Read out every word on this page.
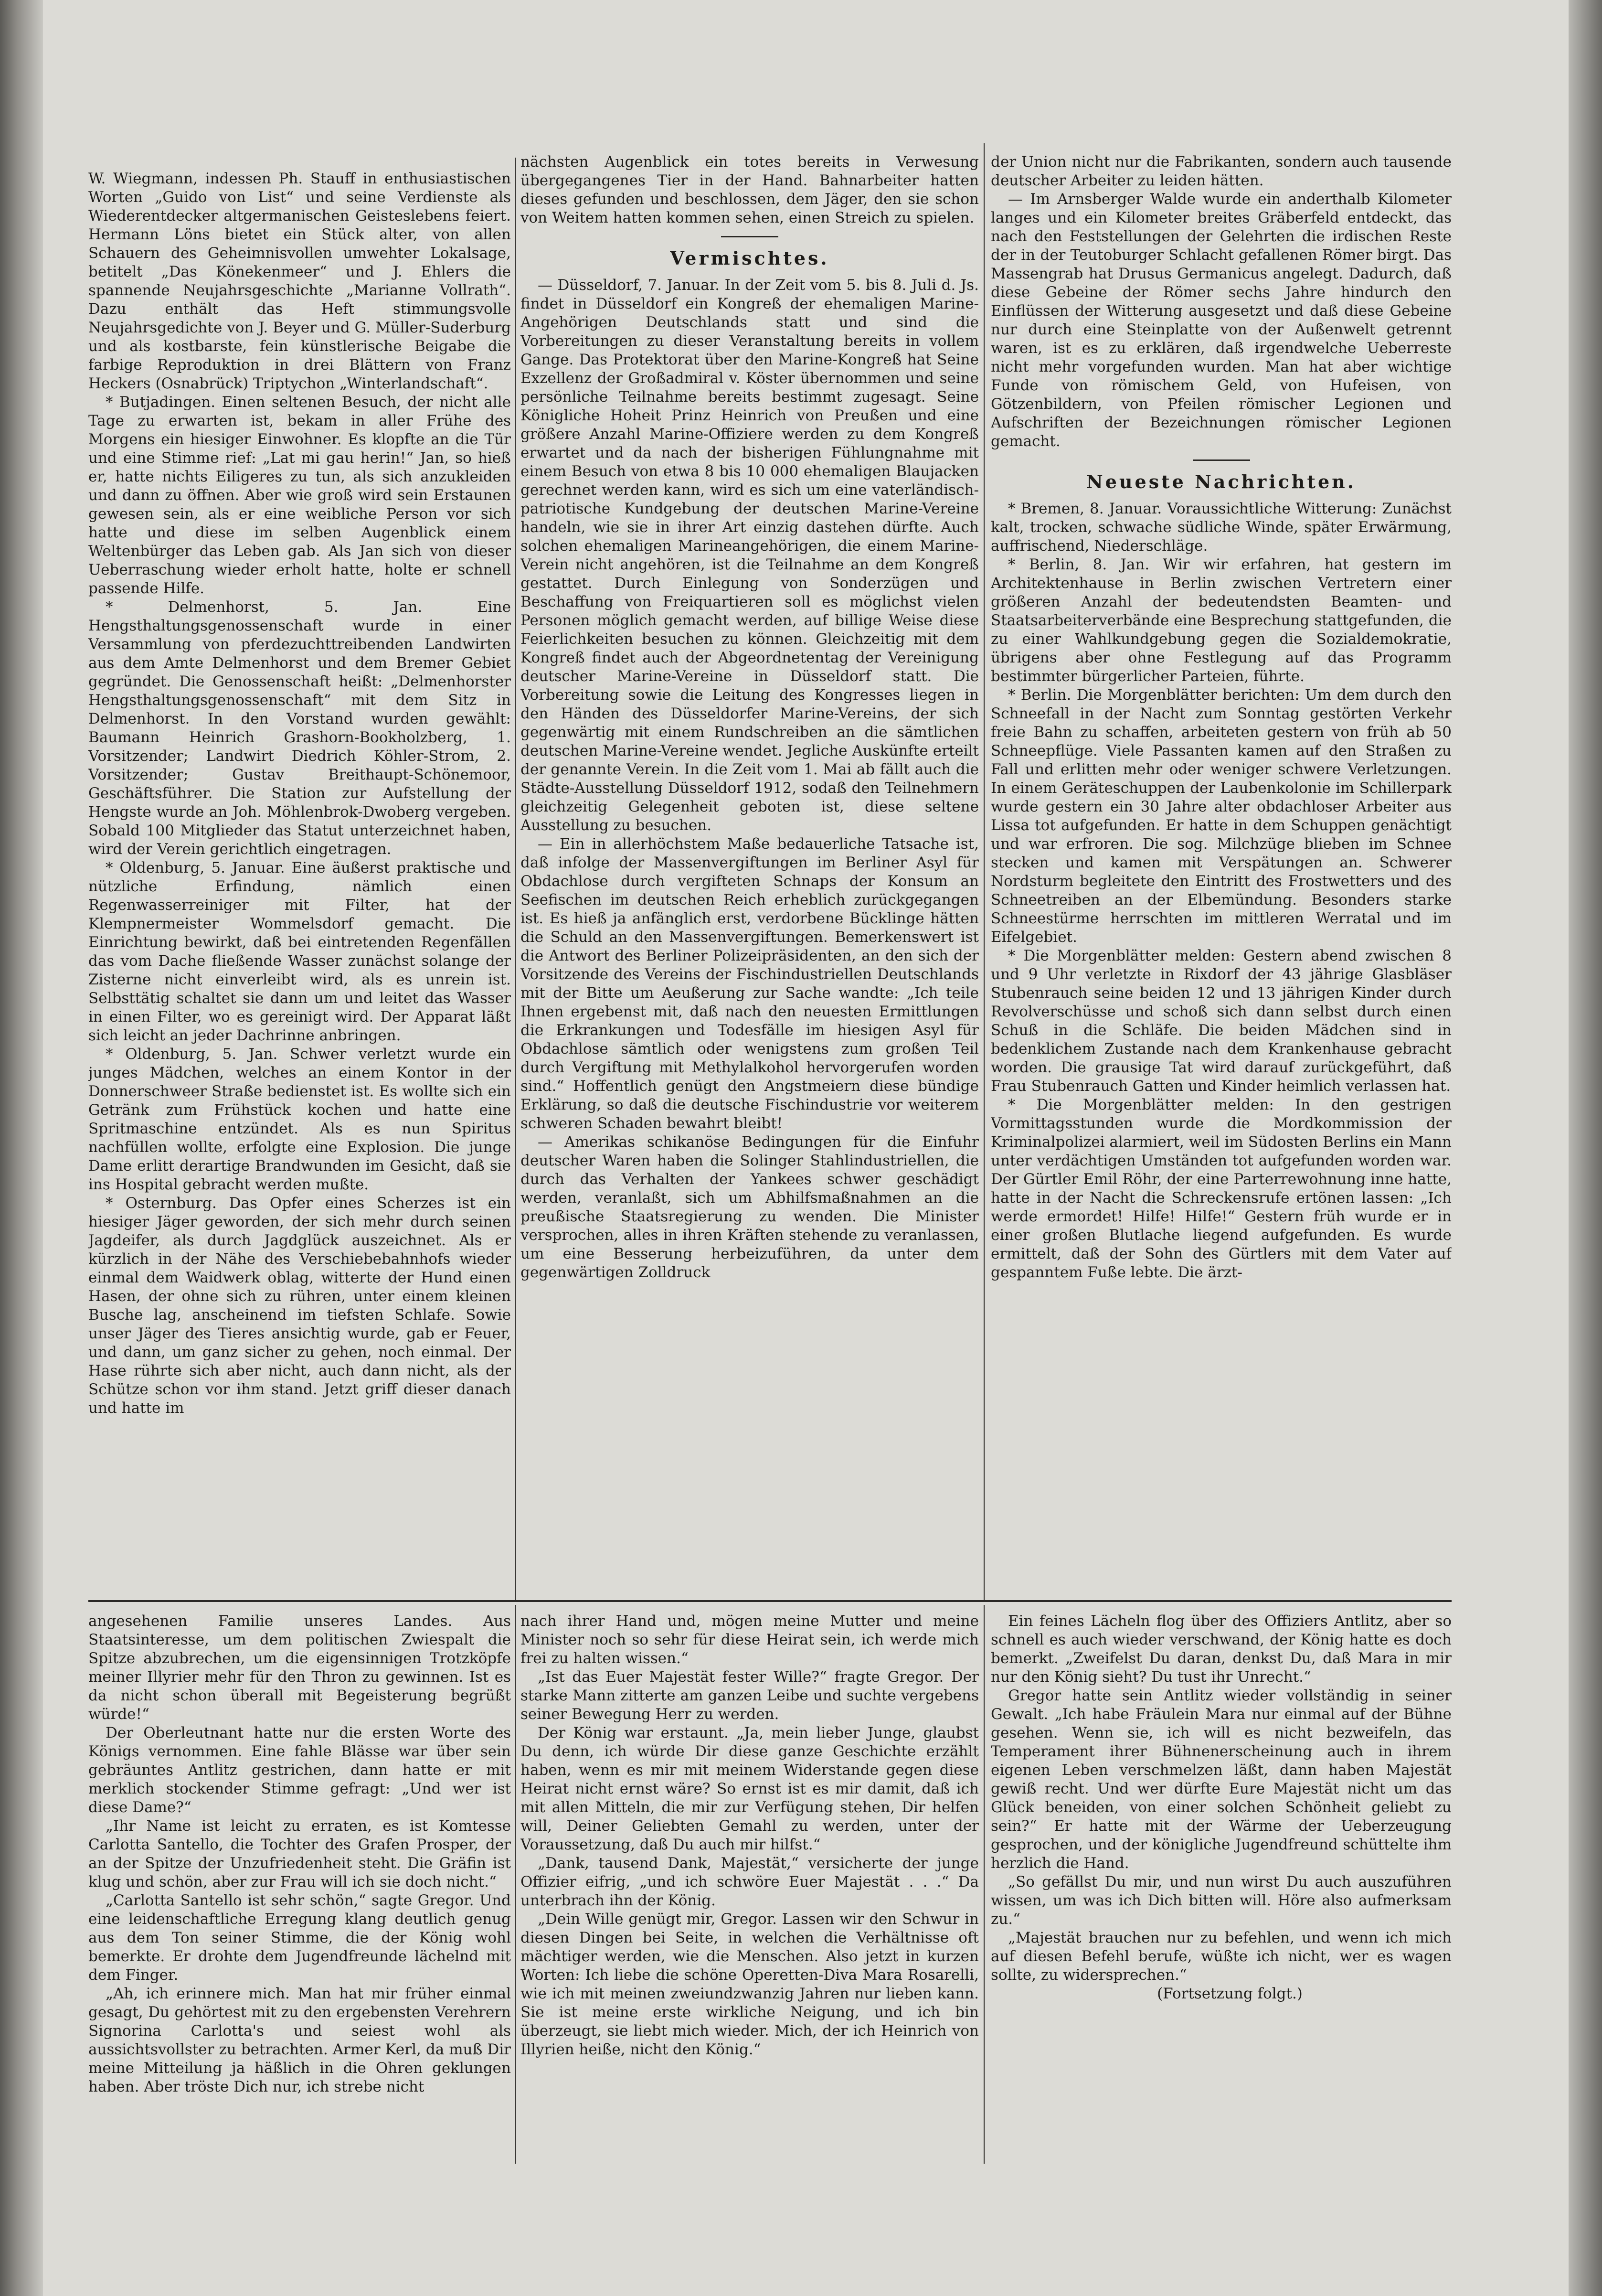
W. Wiegmann, indessen Ph. Stauff in enthusiastischen Worten „Guido von List“ und seine Verdienste als Wiederentdecker altgermanischen Geisteslebens feiert. Hermann Löns bietet ein Stück alter, von allen Schauern des Geheimnisvollen umwehter Lokalsage, betitelt „Das Könekenmeer“ und J. Ehlers die spannende Neujahrsgeschichte „Marianne Vollrath“. Dazu enthält das Heft stimmungsvolle Neujahrsgedichte von J. Beyer und G. Müller-Suderburg und als kostbarste, fein künstlerische Beigabe die farbige Reproduktion in drei Blättern von Franz Heckers (Osnabrück) Triptychon „Winterlandschaft“.

* Butjadingen. Einen seltenen Besuch, der nicht alle Tage zu erwarten ist, bekam in aller Frühe des Morgens ein hiesiger Einwohner. Es klopfte an die Tür und eine Stimme rief: „Lat mi gau herin!“ Jan, so hieß er, hatte nichts Eiligeres zu tun, als sich anzukleiden und dann zu öffnen. Aber wie groß wird sein Erstaunen gewesen sein, als er eine weibliche Person vor sich hatte und diese im selben Augenblick einem Weltenbürger das Leben gab. Als Jan sich von dieser Ueberraschung wieder erholt hatte, holte er schnell passende Hilfe.

* Delmenhorst, 5. Jan. Eine Hengsthaltungsgenossenschaft wurde in einer Versammlung von pferdezuchttreibenden Landwirten aus dem Amte Delmenhorst und dem Bremer Gebiet gegründet. Die Genossenschaft heißt: „Delmenhorster Hengsthaltungsgenossenschaft“ mit dem Sitz in Delmenhorst. In den Vorstand wurden gewählt: Baumann Heinrich Grashorn-Bookholzberg, 1. Vorsitzender; Landwirt Diedrich Köhler-Strom, 2. Vorsitzender; Gustav Breithaupt-Schönemoor, Geschäftsführer. Die Station zur Aufstellung der Hengste wurde an Joh. Möhlenbrok-Dwoberg vergeben. Sobald 100 Mitglieder das Statut unterzeichnet haben, wird der Verein gerichtlich eingetragen.

* Oldenburg, 5. Januar. Eine äußerst praktische und nützliche Erfindung, nämlich einen Regenwasserreiniger mit Filter, hat der Klempnermeister Wommelsdorf gemacht. Die Einrichtung bewirkt, daß bei eintretenden Regenfällen das vom Dache fließende Wasser zunächst solange der Zisterne nicht einverleibt wird, als es unrein ist. Selbsttätig schaltet sie dann um und leitet das Wasser in einen Filter, wo es gereinigt wird. Der Apparat läßt sich leicht an jeder Dachrinne anbringen.

* Oldenburg, 5. Jan. Schwer verletzt wurde ein junges Mädchen, welches an einem Kontor in der Donnerschweer Straße bedienstet ist. Es wollte sich ein Getränk zum Frühstück kochen und hatte eine Spritmaschine entzündet. Als es nun Spiritus nachfüllen wollte, erfolgte eine Explosion. Die junge Dame erlitt derartige Brandwunden im Gesicht, daß sie ins Hospital gebracht werden mußte.

* Osternburg. Das Opfer eines Scherzes ist ein hiesiger Jäger geworden, der sich mehr durch seinen Jagdeifer, als durch Jagdglück auszeichnet. Als er kürzlich in der Nähe des Verschiebebahnhofs wieder einmal dem Waidwerk oblag, witterte der Hund einen Hasen, der ohne sich zu rühren, unter einem kleinen Busche lag, anscheinend im tiefsten Schlafe. Sowie unser Jäger des Tieres ansichtig wurde, gab er Feuer, und dann, um ganz sicher zu gehen, noch einmal. Der Hase rührte sich aber nicht, auch dann nicht, als der Schütze schon vor ihm stand. Jetzt griff dieser danach und hatte im

nächsten Augenblick ein totes bereits in Verwesung übergegangenes Tier in der Hand. Bahnarbeiter hatten dieses gefunden und beschlossen, dem Jäger, den sie schon von Weitem hatten kommen sehen, einen Streich zu spielen.

Vermischtes.

— Düsseldorf, 7. Januar. In der Zeit vom 5. bis 8. Juli d. Js. findet in Düsseldorf ein Kongreß der ehemaligen Marine-Angehörigen Deutschlands statt und sind die Vorbereitungen zu dieser Veranstaltung bereits in vollem Gange. Das Protektorat über den Marine-Kongreß hat Seine Exzellenz der Großadmiral v. Köster übernommen und seine persönliche Teilnahme bereits bestimmt zugesagt. Seine Königliche Hoheit Prinz Heinrich von Preußen und eine größere Anzahl Marine-Offiziere werden zu dem Kongreß erwartet und da nach der bisherigen Fühlungnahme mit einem Besuch von etwa 8 bis 10 000 ehemaligen Blaujacken gerechnet werden kann, wird es sich um eine vaterländisch-patriotische Kundgebung der deutschen Marine-Vereine handeln, wie sie in ihrer Art einzig dastehen dürfte. Auch solchen ehemaligen Marineangehörigen, die einem Marine-Verein nicht angehören, ist die Teilnahme an dem Kongreß gestattet. Durch Einlegung von Sonderzügen und Beschaffung von Freiquartieren soll es möglichst vielen Personen möglich gemacht werden, auf billige Weise diese Feierlichkeiten besuchen zu können. Gleichzeitig mit dem Kongreß findet auch der Abgeordnetentag der Vereinigung deutscher Marine-Vereine in Düsseldorf statt. Die Vorbereitung sowie die Leitung des Kongresses liegen in den Händen des Düsseldorfer Marine-Vereins, der sich gegenwärtig mit einem Rundschreiben an die sämtlichen deutschen Marine-Vereine wendet. Jegliche Auskünfte erteilt der genannte Verein. In die Zeit vom 1. Mai ab fällt auch die Städte-Ausstellung Düsseldorf 1912, sodaß den Teilnehmern gleichzeitig Gelegenheit geboten ist, diese seltene Ausstellung zu besuchen.

— Ein in allerhöchstem Maße bedauerliche Tatsache ist, daß infolge der Massenvergiftungen im Berliner Asyl für Obdachlose durch vergifteten Schnaps der Konsum an Seefischen im deutschen Reich erheblich zurückgegangen ist. Es hieß ja anfänglich erst, verdorbene Bücklinge hätten die Schuld an den Massenvergiftungen. Bemerkenswert ist die Antwort des Berliner Polizeipräsidenten, an den sich der Vorsitzende des Vereins der Fischindustriellen Deutschlands mit der Bitte um Aeußerung zur Sache wandte: „Ich teile Ihnen ergebenst mit, daß nach den neuesten Ermittlungen die Erkrankungen und Todesfälle im hiesigen Asyl für Obdachlose sämtlich oder wenigstens zum großen Teil durch Vergiftung mit Methylalkohol hervorgerufen worden sind.“ Hoffentlich genügt den Angstmeiern diese bündige Erklärung, so daß die deutsche Fischindustrie vor weiterem schweren Schaden bewahrt bleibt!

— Amerikas schikanöse Bedingungen für die Einfuhr deutscher Waren haben die Solinger Stahlindustriellen, die durch das Verhalten der Yankees schwer geschädigt werden, veranlaßt, sich um Abhilfsmaßnahmen an die preußische Staatsregierung zu wenden. Die Minister versprochen, alles in ihren Kräften stehende zu veranlassen, um eine Besserung herbeizuführen, da unter dem gegenwärtigen Zolldruck

der Union nicht nur die Fabrikanten, sondern auch tausende deutscher Arbeiter zu leiden hätten.

— Im Arnsberger Walde wurde ein anderthalb Kilometer langes und ein Kilometer breites Gräberfeld entdeckt, das nach den Feststellungen der Gelehrten die irdischen Reste der in der Teutoburger Schlacht gefallenen Römer birgt. Das Massengrab hat Drusus Germanicus angelegt. Dadurch, daß diese Gebeine der Römer sechs Jahre hindurch den Einflüssen der Witterung ausgesetzt und daß diese Gebeine nur durch eine Steinplatte von der Außenwelt getrennt waren, ist es zu erklären, daß irgendwelche Ueberreste nicht mehr vorgefunden wurden. Man hat aber wichtige Funde von römischem Geld, von Hufeisen, von Götzenbildern, von Pfeilen römischer Legionen und Aufschriften der Bezeichnungen römischer Legionen gemacht.

Neueste Nachrichten.

* Bremen, 8. Januar. Voraussichtliche Witterung: Zunächst kalt, trocken, schwache südliche Winde, später Erwärmung, auffrischend, Niederschläge.

* Berlin, 8. Jan. Wir wir erfahren, hat gestern im Architektenhause in Berlin zwischen Vertretern einer größeren Anzahl der bedeutendsten Beamten- und Staatsarbeiterverbände eine Besprechung stattgefunden, die zu einer Wahlkundgebung gegen die Sozialdemokratie, übrigens aber ohne Festlegung auf das Programm bestimmter bürgerlicher Parteien, führte.

* Berlin. Die Morgenblätter berichten: Um dem durch den Schneefall in der Nacht zum Sonntag gestörten Verkehr freie Bahn zu schaffen, arbeiteten gestern von früh ab 50 Schneepflüge. Viele Passanten kamen auf den Straßen zu Fall und erlitten mehr oder weniger schwere Verletzungen. In einem Geräteschuppen der Laubenkolonie im Schillerpark wurde gestern ein 30 Jahre alter obdachloser Arbeiter aus Lissa tot aufgefunden. Er hatte in dem Schuppen genächtigt und war erfroren. Die sog. Milchzüge blieben im Schnee stecken und kamen mit Verspätungen an. Schwerer Nordsturm begleitete den Eintritt des Frostwetters und des Schneetreiben an der Elbemündung. Besonders starke Schneestürme herrschten im mittleren Werratal und im Eifelgebiet.

* Die Morgenblätter melden: Gestern abend zwischen 8 und 9 Uhr verletzte in Rixdorf der 43 jährige Glasbläser Stubenrauch seine beiden 12 und 13 jährigen Kinder durch Revolverschüsse und schoß sich dann selbst durch einen Schuß in die Schläfe. Die beiden Mädchen sind in bedenklichem Zustande nach dem Krankenhause gebracht worden. Die grausige Tat wird darauf zurückgeführt, daß Frau Stubenrauch Gatten und Kinder heimlich verlassen hat.

* Die Morgenblätter melden: In den gestrigen Vormittagsstunden wurde die Mordkommission der Kriminalpolizei alarmiert, weil im Südosten Berlins ein Mann unter verdächtigen Umständen tot aufgefunden worden war. Der Gürtler Emil Röhr, der eine Parterrewohnung inne hatte, hatte in der Nacht die Schreckensrufe ertönen lassen: „Ich werde ermordet! Hilfe! Hilfe!“ Gestern früh wurde er in einer großen Blutlache liegend aufgefunden. Es wurde ermittelt, daß der Sohn des Gürtlers mit dem Vater auf gespanntem Fuße lebte. Die ärzt-

angesehenen Familie unseres Landes. Aus Staatsinteresse, um dem politischen Zwiespalt die Spitze abzubrechen, um die eigensinnigen Trotzköpfe meiner Illyrier mehr für den Thron zu gewinnen. Ist es da nicht schon überall mit Begeisterung begrüßt würde!“

Der Oberleutnant hatte nur die ersten Worte des Königs vernommen. Eine fahle Blässe war über sein gebräuntes Antlitz gestrichen, dann hatte er mit merklich stockender Stimme gefragt: „Und wer ist diese Dame?“

„Ihr Name ist leicht zu erraten, es ist Komtesse Carlotta Santello, die Tochter des Grafen Prosper, der an der Spitze der Unzufriedenheit steht. Die Gräfin ist klug und schön, aber zur Frau will ich sie doch nicht.“

„Carlotta Santello ist sehr schön,“ sagte Gregor. Und eine leidenschaftliche Erregung klang deutlich genug aus dem Ton seiner Stimme, die der König wohl bemerkte. Er drohte dem Jugendfreunde lächelnd mit dem Finger.

„Ah, ich erinnere mich. Man hat mir früher einmal gesagt, Du gehörtest mit zu den ergebensten Verehrern Signorina Carlotta's und seiest wohl als aussichtsvollster zu betrachten. Armer Kerl, da muß Dir meine Mitteilung ja häßlich in die Ohren geklungen haben. Aber tröste Dich nur, ich strebe nicht

nach ihrer Hand und, mögen meine Mutter und meine Minister noch so sehr für diese Heirat sein, ich werde mich frei zu halten wissen.“

„Ist das Euer Majestät fester Wille?“ fragte Gregor. Der starke Mann zitterte am ganzen Leibe und suchte vergebens seiner Bewegung Herr zu werden.

Der König war erstaunt. „Ja, mein lieber Junge, glaubst Du denn, ich würde Dir diese ganze Geschichte erzählt haben, wenn es mir mit meinem Widerstande gegen diese Heirat nicht ernst wäre? So ernst ist es mir damit, daß ich mit allen Mitteln, die mir zur Verfügung stehen, Dir helfen will, Deiner Geliebten Gemahl zu werden, unter der Voraussetzung, daß Du auch mir hilfst.“

„Dank, tausend Dank, Majestät,“ versicherte der junge Offizier eifrig, „und ich schwöre Euer Majestät . . .“ Da unterbrach ihn der König.

„Dein Wille genügt mir, Gregor. Lassen wir den Schwur in diesen Dingen bei Seite, in welchen die Verhältnisse oft mächtiger werden, wie die Menschen. Also jetzt in kurzen Worten: Ich liebe die schöne Operetten-Diva Mara Rosarelli, wie ich mit meinen zweiundzwanzig Jahren nur lieben kann. Sie ist meine erste wirkliche Neigung, und ich bin überzeugt, sie liebt mich wieder. Mich, der ich Heinrich von Illyrien heiße, nicht den König.“

Ein feines Lächeln flog über des Offiziers Antlitz, aber so schnell es auch wieder verschwand, der König hatte es doch bemerkt. „Zweifelst Du daran, denkst Du, daß Mara in mir nur den König sieht? Du tust ihr Unrecht.“

Gregor hatte sein Antlitz wieder vollständig in seiner Gewalt. „Ich habe Fräulein Mara nur einmal auf der Bühne gesehen. Wenn sie, ich will es nicht bezweifeln, das Temperament ihrer Bühnenerscheinung auch in ihrem eigenen Leben verschmelzen läßt, dann haben Majestät gewiß recht. Und wer dürfte Eure Majestät nicht um das Glück beneiden, von einer solchen Schönheit geliebt zu sein?“ Er hatte mit der Wärme der Ueberzeugung gesprochen, und der königliche Jugendfreund schüttelte ihm herzlich die Hand.

„So gefällst Du mir, und nun wirst Du auch auszuführen wissen, um was ich Dich bitten will. Höre also aufmerksam zu.“

„Majestät brauchen nur zu befehlen, und wenn ich mich auf diesen Befehl berufe, wüßte ich nicht, wer es wagen sollte, zu widersprechen.“

(Fortsetzung folgt.)
